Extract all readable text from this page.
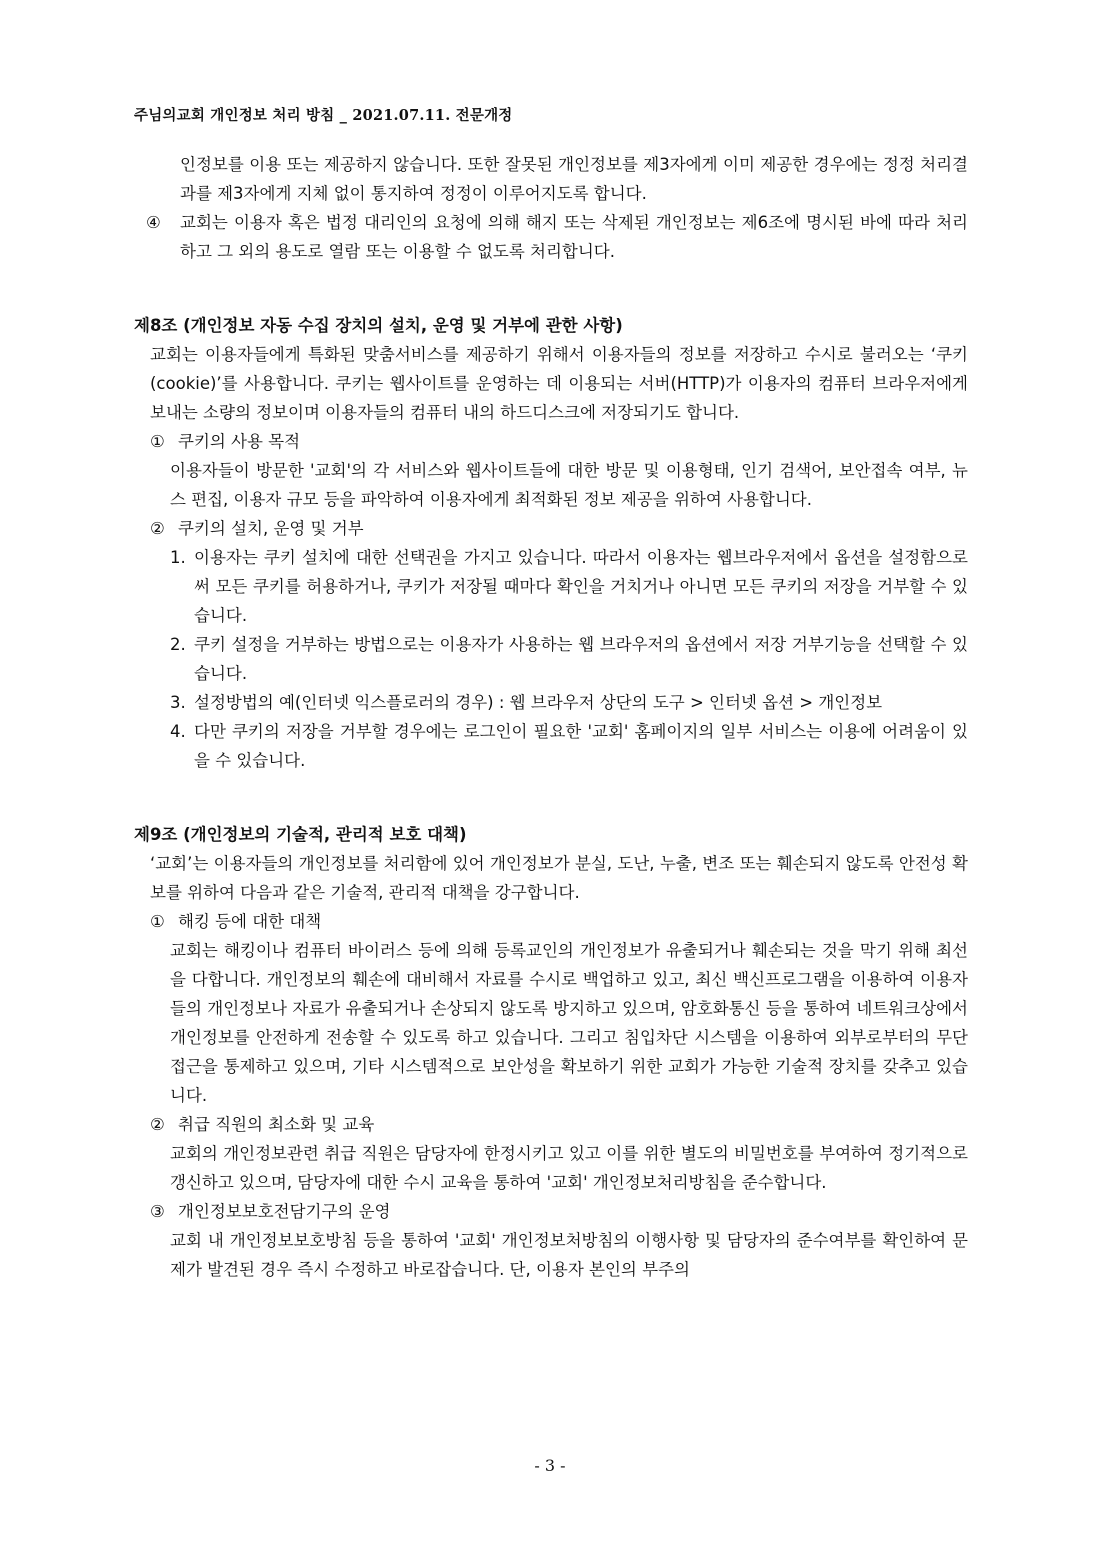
주님의교회 개인정보 처리 방침 _ 2021.07.11. 전문개정

인정보를 이용 또는 제공하지 않습니다. 또한 잘못된 개인정보를 제3자에게 이미 제공한 경우에는 정정 처리결과를 제3자에게 지체 없이 통지하여 정정이 이루어지도록 합니다.

④	교회는 이용자 혹은 법정 대리인의 요청에 의해 해지 또는 삭제된 개인정보는 제6조에 명시된 바에 따라 처리하고 그 외의 용도로 열람 또는 이용할 수 없도록 처리합니다.

제8조 (개인정보 자동 수집 장치의 설치, 운영 및 거부에 관한 사항)

교회는 이용자들에게 특화된 맞춤서비스를 제공하기 위해서 이용자들의 정보를 저장하고 수시로 불러오는 ‘쿠키(cookie)’를 사용합니다. 쿠키는 웹사이트를 운영하는 데 이용되는 서버(HTTP)가 이용자의 컴퓨터 브라우저에게 보내는 소량의 정보이며 이용자들의 컴퓨터 내의 하드디스크에 저장되기도 합니다.

① 쿠키의 사용 목적

이용자들이 방문한 '교회'의 각 서비스와 웹사이트들에 대한 방문 및 이용형태, 인기 검색어, 보안접속 여부, 뉴스 편집, 이용자 규모 등을 파악하여 이용자에게 최적화된 정보 제공을 위하여 사용합니다.

② 쿠키의 설치, 운영 및 거부
1. 이용자는 쿠키 설치에 대한 선택권을 가지고 있습니다. 따라서 이용자는 웹브라우저에서 옵션을 설정함으로써 모든 쿠키를 허용하거나, 쿠키가 저장될 때마다 확인을 거치거나 아니면 모든 쿠키의 저장을 거부할 수 있습니다.
2. 쿠키 설정을 거부하는 방법으로는 이용자가 사용하는 웹 브라우저의 옵션에서 저장 거부기능을 선택할 수 있습니다.
3. 설정방법의 예(인터넷 익스플로러의 경우) : 웹 브라우저 상단의 도구 > 인터넷 옵션 > 개인정보
4. 다만 쿠키의 저장을 거부할 경우에는 로그인이 필요한 '교회' 홈페이지의 일부 서비스는 이용에 어려움이 있을 수 있습니다.

제9조 (개인정보의 기술적, 관리적 보호 대책)

‘교회’는 이용자들의 개인정보를 처리함에 있어 개인정보가 분실, 도난, 누출, 변조 또는 훼손되지 않도록 안전성 확보를 위하여 다음과 같은 기술적, 관리적 대책을 강구합니다.

① 해킹 등에 대한 대책

교회는 해킹이나 컴퓨터 바이러스 등에 의해 등록교인의 개인정보가 유출되거나 훼손되는 것을 막기 위해 최선을 다합니다. 개인정보의 훼손에 대비해서 자료를 수시로 백업하고 있고, 최신 백신프로그램을 이용하여 이용자들의 개인정보나 자료가 유출되거나 손상되지 않도록 방지하고 있으며, 암호화통신 등을 통하여 네트워크상에서 개인정보를 안전하게 전송할 수 있도록 하고 있습니다. 그리고 침입차단 시스템을 이용하여 외부로부터의 무단 접근을 통제하고 있으며, 기타 시스템적으로 보안성을 확보하기 위한 교회가 가능한 기술적 장치를 갖추고 있습니다.

② 취급 직원의 최소화 및 교육

교회의 개인정보관련 취급 직원은 담당자에 한정시키고 있고 이를 위한 별도의 비밀번호를 부여하여 정기적으로 갱신하고 있으며, 담당자에 대한 수시 교육을 통하여 '교회' 개인정보처리방침을 준수합니다.

③ 개인정보보호전담기구의 운영

교회 내 개인정보보호방침 등을 통하여 '교회' 개인정보처방침의 이행사항 및 담당자의 준수여부를 확인하여 문제가 발견된 경우 즉시 수정하고 바로잡습니다. 단, 이용자 본인의 부주의

- 3 -
